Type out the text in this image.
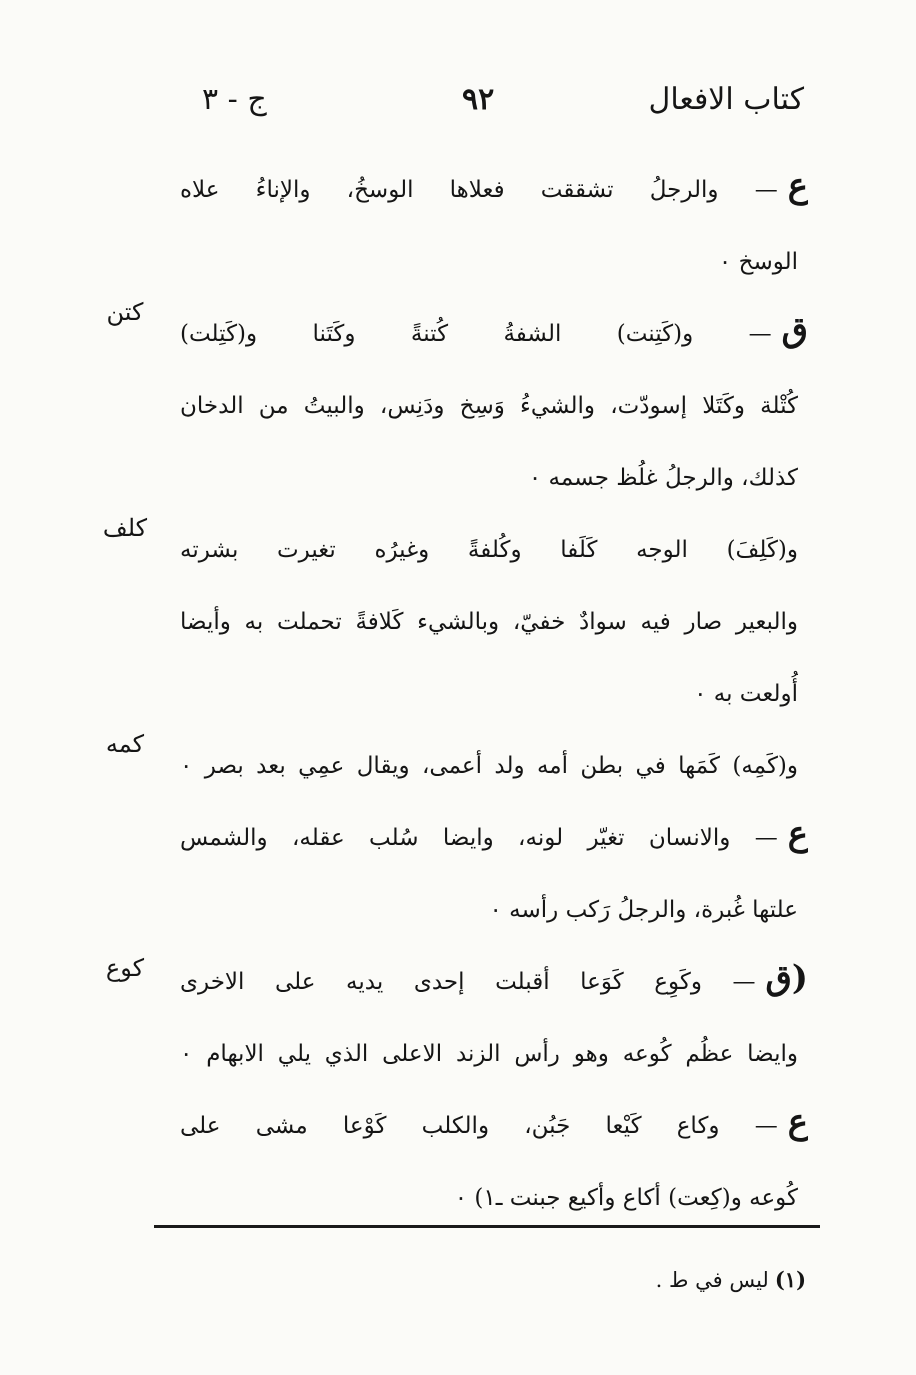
كتاب الافعال
٩٢
ج - ٣
كتن
كلف
كمه
كوع
ع— والرجلُ تشققت فعلاها الوسخُ، والإناءُ علاه
الوسخ ٠
ق— و(كَتِنت) الشفةُ كُتنةً وكَتَنا و(كَتِلت)
كُتْلة وكَتَلا إسودّت، والشيءُ وَسِخ ودَنِس، والبيتُ من الدخان
كذلك، والرجلُ غلُظ جسمه ٠
و(كَلِفَ) الوجه كَلَفا وكُلفةً وغيرُه تغيرت بشرته
والبعير صار فيه سوادٌ خفيّ، وبالشيء كَلافةً تحملت به وأيضا
أُولعت به ٠
و(كَمِه) كَمَها في بطن أمه ولد أعمى، ويقال عمِي بعد بصر ٠
ع— والانسان تغيّر لونه، وايضا سُلب عقله، والشمس
علتها غُبرة، والرجلُ رَكب رأسه ٠
(ق— وكَوِع كَوَعا أقبلت إحدى يديه على الاخرى
وايضا عظُم كُوعه وهو رأس الزند الاعلى الذي يلي الابهام ٠
ع— وكاع كَيْعا جَبُن، والكلب كَوْعا مشى على
كُوعه و(كِعت) أكاع وأكيع جبنت ـ١) ٠
(١)ليس في ط .
